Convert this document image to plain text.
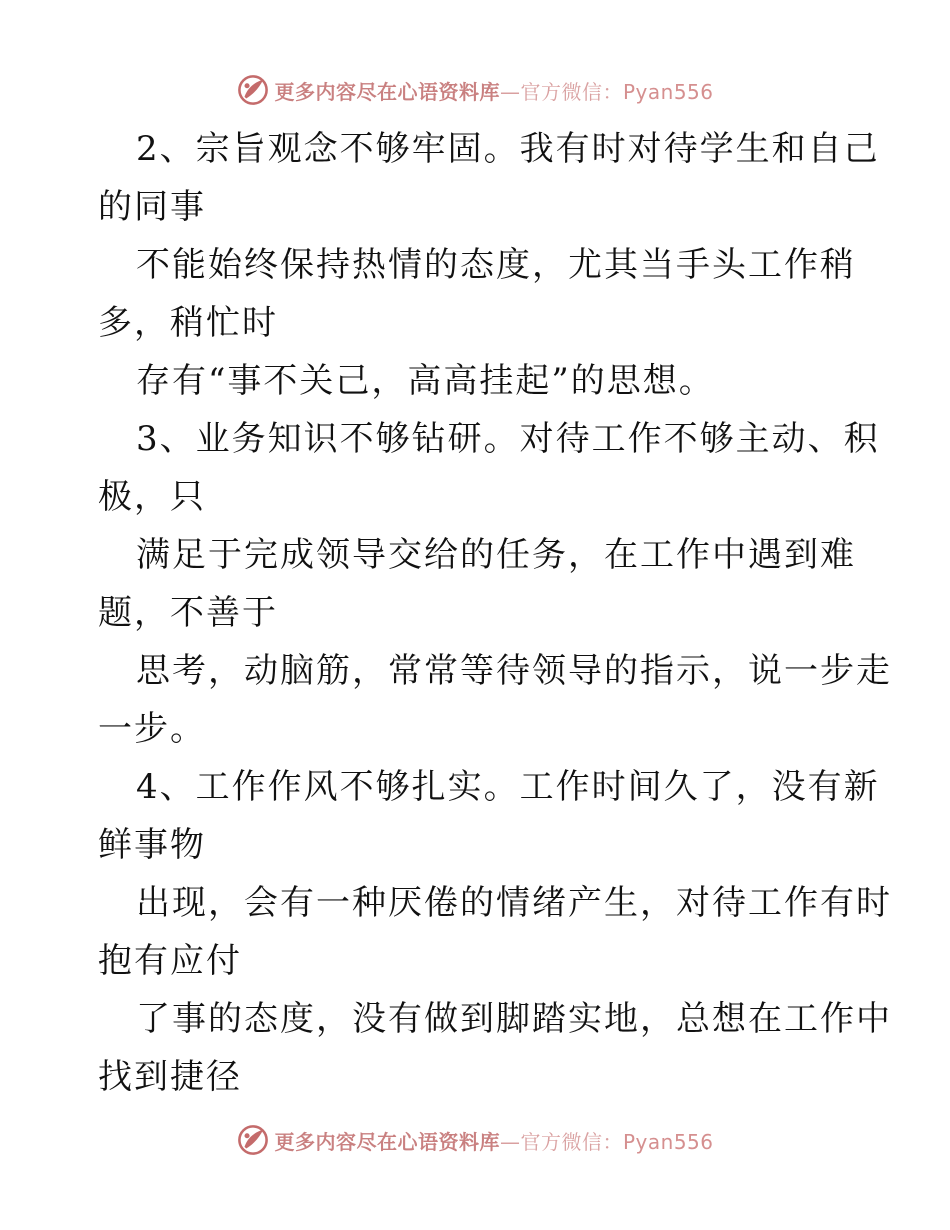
更多内容尽在心语资料库—官方微信：Pyan556
2、宗旨观念不够牢固。我有时对待学生和自己
的同事
不能始终保持热情的态度，尤其当手头工作稍
多，稍忙时
存有“事不关己，高高挂起”的思想。
3、业务知识不够钻研。对待工作不够主动、积
极，只
满足于完成领导交给的任务，在工作中遇到难
题，不善于
思考，动脑筋，常常等待领导的指示，说一步走
一步。
4、工作作风不够扎实。工作时间久了，没有新
鲜事物
出现，会有一种厌倦的情绪产生，对待工作有时
抱有应付
了事的态度，没有做到脚踏实地，总想在工作中
找到捷径
更多内容尽在心语资料库—官方微信：Pyan556
